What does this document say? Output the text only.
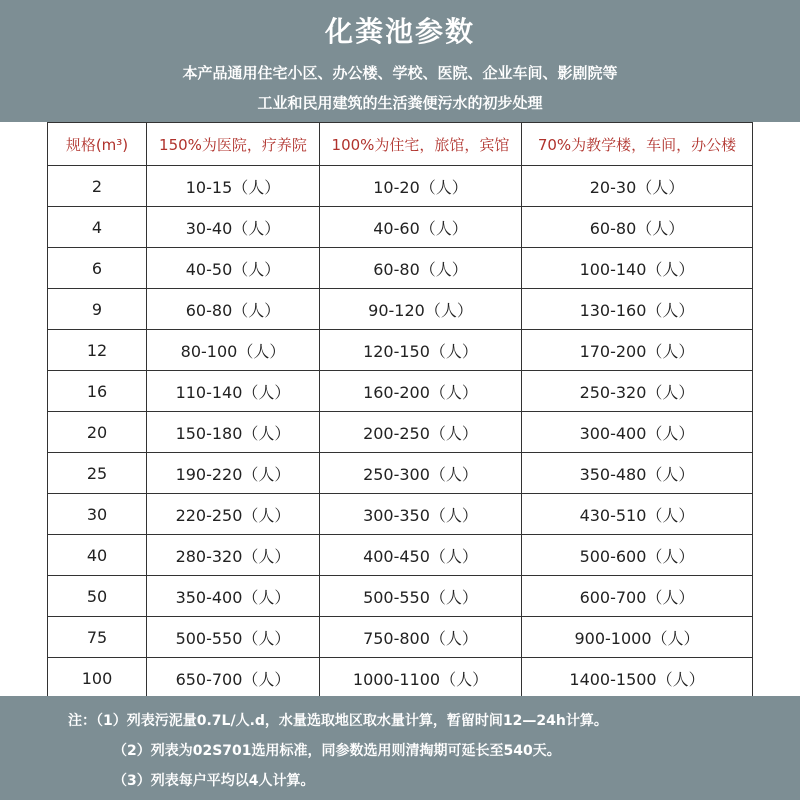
化粪池参数
本产品通用住宅小区、办公楼、学校、医院、企业车间、影剧院等
工业和民用建筑的生活粪便污水的初步处理
规格(m³)	150%为医院，疗养院	100%为住宅，旅馆，宾馆	70%为教学楼，车间，办公楼
2	10-15（人）	10-20（人）	20-30（人）
4	30-40（人）	40-60（人）	60-80（人）
6	40-50（人）	60-80（人）	100-140（人）
9	60-80（人）	90-120（人）	130-160（人）
12	80-100（人）	120-150（人）	170-200（人）
16	110-140（人）	160-200（人）	250-320（人）
20	150-180（人）	200-250（人）	300-400（人）
25	190-220（人）	250-300（人）	350-480（人）
30	220-250（人）	300-350（人）	430-510（人）
40	280-320（人）	400-450（人）	500-600（人）
50	350-400（人）	500-550（人）	600-700（人）
75	500-550（人）	750-800（人）	900-1000（人）
100	650-700（人）	1000-1100（人）	1400-1500（人）
注：（1）列表污泥量0.7L/人.d，水量选取地区取水量计算，暂留时间12—24h计算。
（2）列表为02S701选用标准，同参数选用则清掏期可延长至540天。
（3）列表每户平均以4人计算。
